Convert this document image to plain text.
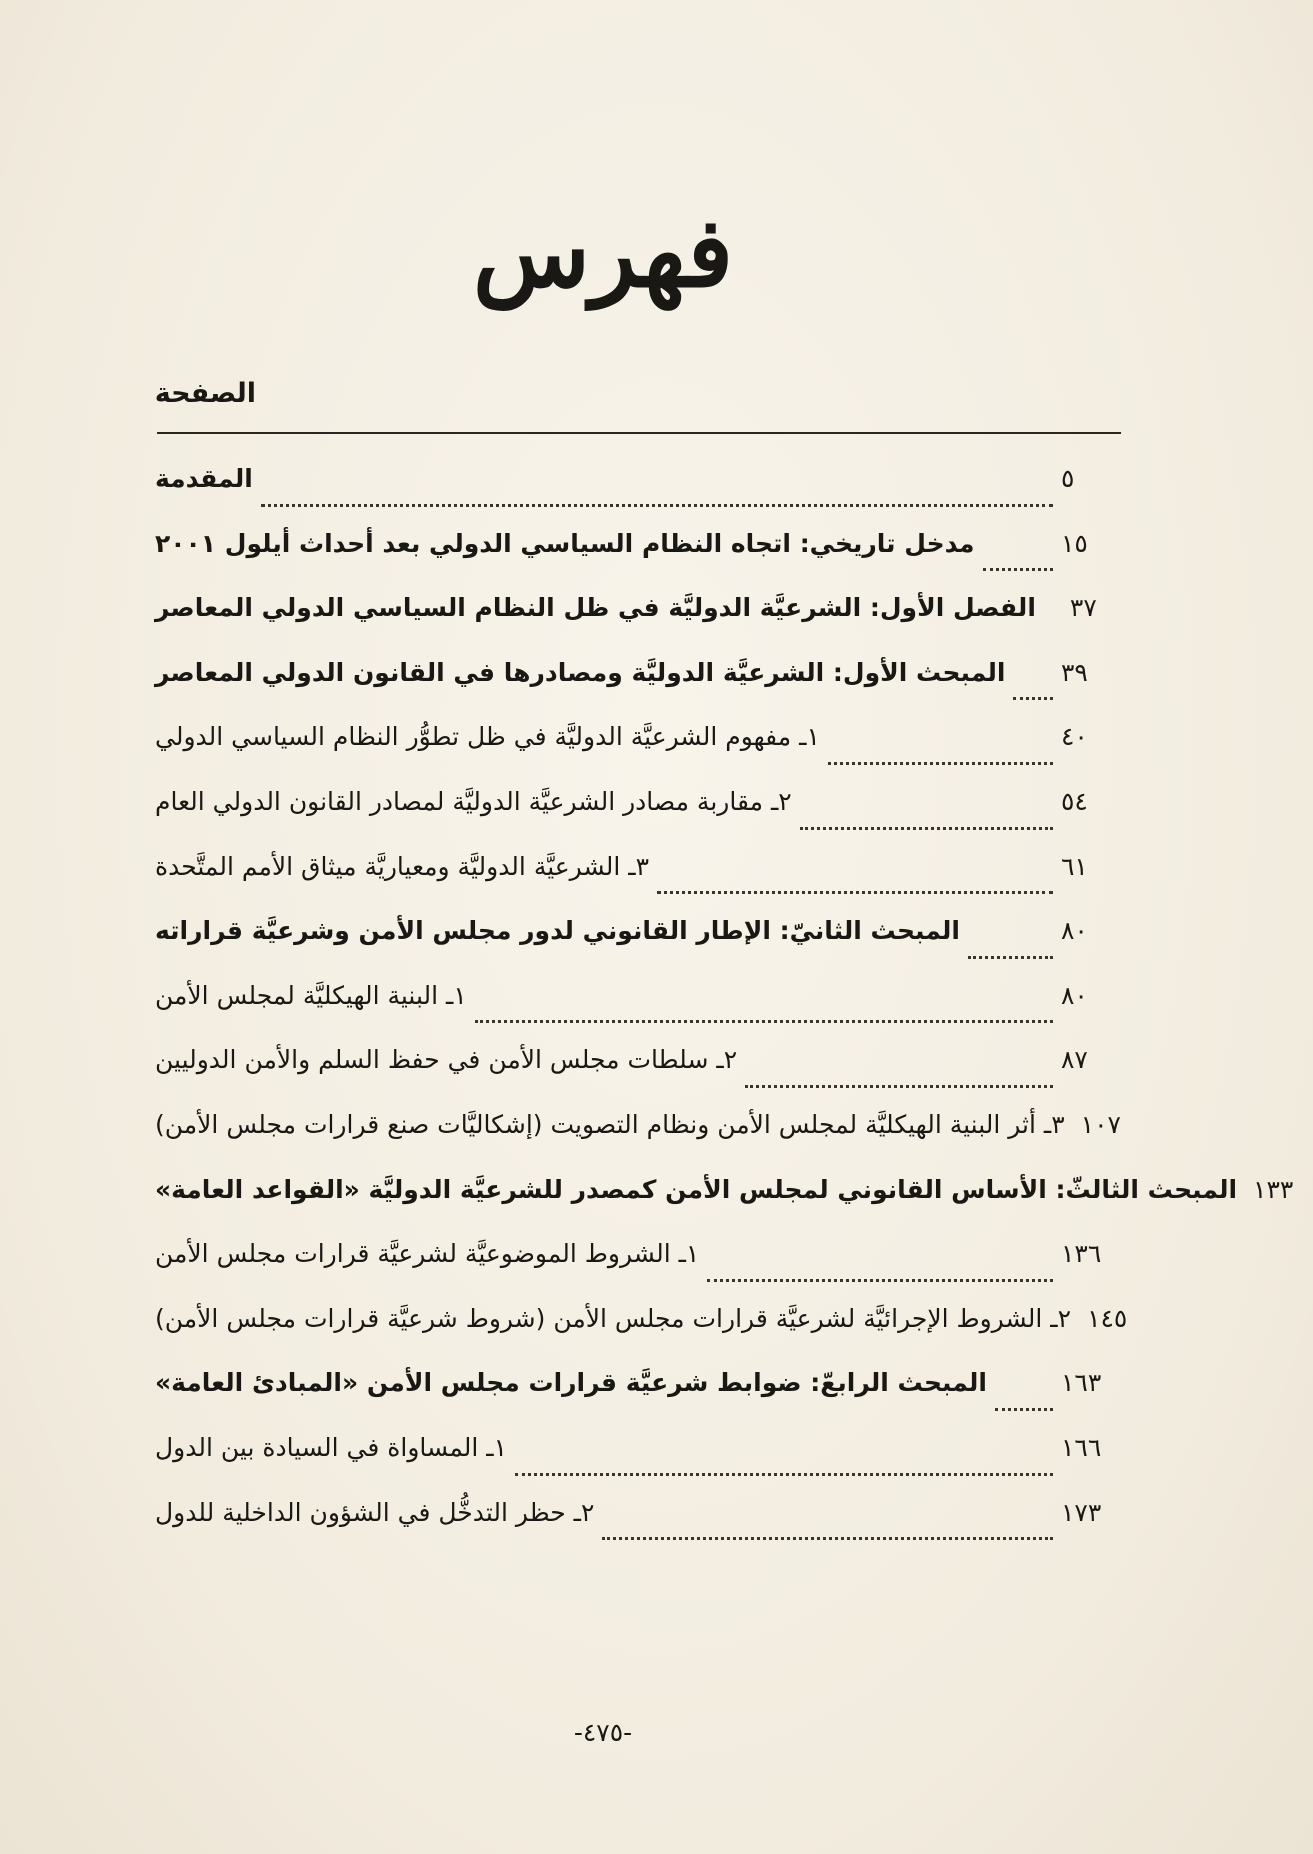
فهرس
الصفحة
المقدمة	٥
مدخل تاريخي: اتجاه النظام السياسي الدولي بعد أحداث أيلول ٢٠٠١	١٥
الفصل الأول: الشرعيَّة الدوليَّة في ظل النظام السياسي الدولي المعاصر ٣٧
المبحث الأول: الشرعيَّة الدوليَّة ومصادرها في القانون الدولي المعاصر ٣٩
١ـ مفهوم الشرعيَّة الدوليَّة في ظل تطوُّر النظام السياسي الدولي	٤٠
٢ـ مقاربة مصادر الشرعيَّة الدوليَّة لمصادر القانون الدولي العام	٥٤
٣ـ الشرعيَّة الدوليَّة ومعياريَّة ميثاق الأمم المتَّحدة	٦١
المبحث الثانيّ: الإطار القانوني لدور مجلس الأمن وشرعيَّة قراراته	٨٠
١ـ البنية الهيكليَّة لمجلس الأمن	٨٠
٢ـ سلطات مجلس الأمن في حفظ السلم والأمن الدوليين	٨٧
٣ـ أثر البنية الهيكليَّة لمجلس الأمن ونظام التصويت (إشكاليَّات صنع قرارات مجلس الأمن) ١٠٧
المبحث الثالثّ: الأساس القانوني لمجلس الأمن كمصدر للشرعيَّة الدوليَّة «القواعد العامة» ١٣٣
١ـ الشروط الموضوعيَّة لشرعيَّة قرارات مجلس الأمن	١٣٦
٢ـ الشروط الإجرائيَّة لشرعيَّة قرارات مجلس الأمن (شروط شرعيَّة قرارات مجلس الأمن) ١٤٥
المبحث الرابعّ: ضوابط شرعيَّة قرارات مجلس الأمن «المبادئ العامة»	١٦٣
١ـ المساواة في السيادة بين الدول	١٦٦
٢ـ حظر التدخُّل في الشؤون الداخلية للدول	١٧٣
-٤٧٥-
